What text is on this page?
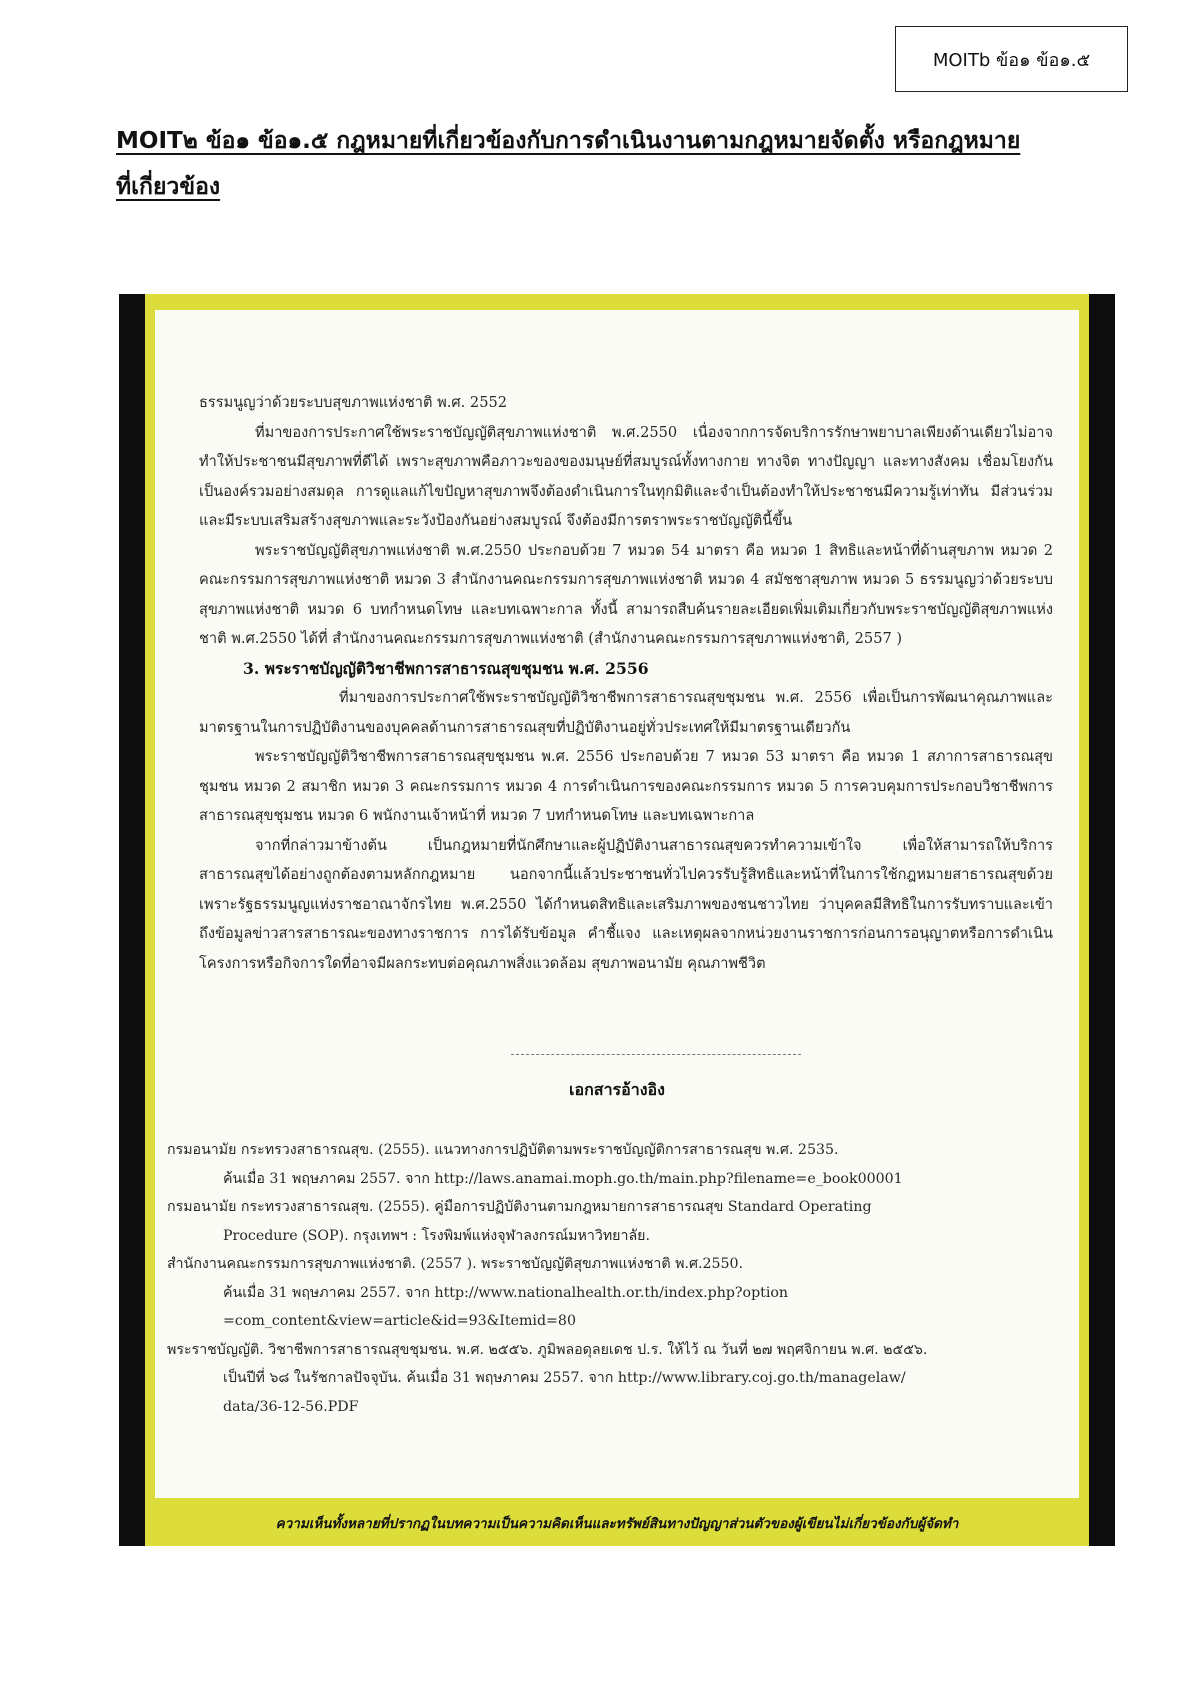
MOITb ข้อ๑ ข้อ๑.๕
MOIT๒ ข้อ๑ ข้อ๑.๕ กฎหมายที่เกี่ยวข้องกับการดำเนินงานตามกฎหมายจัดตั้ง หรือกฎหมาย
ที่เกี่ยวข้อง

ธรรมนูญว่าด้วยระบบสุขภาพแห่งชาติ พ.ศ. 2552

ที่มาของการประกาศใช้พระราชบัญญัติสุขภาพแห่งชาติ พ.ศ.2550 เนื่องจากการจัดบริการรักษาพยาบาลเพียงด้านเดียวไม่อาจทำให้ประชาชนมีสุขภาพที่ดีได้ เพราะสุขภาพคือภาวะของของมนุษย์ที่สมบูรณ์ทั้งทางกาย ทางจิต ทางปัญญา และทางสังคม เชื่อมโยงกันเป็นองค์รวมอย่างสมดุล การดูแลแก้ไขปัญหาสุขภาพจึงต้องดำเนินการในทุกมิติและจำเป็นต้องทำให้ประชาชนมีความรู้เท่าทัน มีส่วนร่วม และมีระบบเสริมสร้างสุขภาพและระวังป้องกันอย่างสมบูรณ์ จึงต้องมีการตราพระราชบัญญัตินี้ขึ้น

พระราชบัญญัติสุขภาพแห่งชาติ พ.ศ.2550 ประกอบด้วย 7 หมวด 54 มาตรา คือ หมวด 1 สิทธิและหน้าที่ด้านสุขภาพ หมวด 2 คณะกรรมการสุขภาพแห่งชาติ หมวด 3 สำนักงานคณะกรรมการสุขภาพแห่งชาติ หมวด 4 สมัชชาสุขภาพ หมวด 5 ธรรมนูญว่าด้วยระบบสุขภาพแห่งชาติ หมวด 6 บทกำหนดโทษ และบทเฉพาะกาล ทั้งนี้ สามารถสืบค้นรายละเอียดเพิ่มเติมเกี่ยวกับพระราชบัญญัติสุขภาพแห่งชาติ พ.ศ.2550 ได้ที่ สำนักงานคณะกรรมการสุขภาพแห่งชาติ (สำนักงานคณะกรรมการสุขภาพแห่งชาติ, 2557 )

3. พระราชบัญญัติวิชาชีพการสาธารณสุขชุมชน พ.ศ. 2556

ที่มาของการประกาศใช้พระราชบัญญัติวิชาชีพการสาธารณสุขชุมชน พ.ศ. 2556 เพื่อเป็นการพัฒนาคุณภาพและมาตรฐานในการปฏิบัติงานของบุคคลด้านการสาธารณสุขที่ปฏิบัติงานอยู่ทั่วประเทศให้มีมาตรฐานเดียวกัน

พระราชบัญญัติวิชาชีพการสาธารณสุขชุมชน พ.ศ. 2556 ประกอบด้วย 7 หมวด 53 มาตรา คือ หมวด 1 สภาการสาธารณสุขชุมชน หมวด 2 สมาชิก หมวด 3 คณะกรรมการ หมวด 4 การดำเนินการของคณะกรรมการ หมวด 5 การควบคุมการประกอบวิชาชีพการสาธารณสุขชุมชน หมวด 6 พนักงานเจ้าหน้าที่ หมวด 7 บทกำหนดโทษ และบทเฉพาะกาล

จากที่กล่าวมาข้างต้น เป็นกฎหมายที่นักศึกษาและผู้ปฏิบัติงานสาธารณสุขควรทำความเข้าใจ เพื่อให้สามารถให้บริการสาธารณสุขได้อย่างถูกต้องตามหลักกฎหมาย นอกจากนี้แล้วประชาชนทั่วไปควรรับรู้สิทธิและหน้าที่ในการใช้กฎหมายสาธารณสุขด้วย เพราะรัฐธรรมนูญแห่งราชอาณาจักรไทย พ.ศ.2550 ได้กำหนดสิทธิและเสริมภาพของชนชาวไทย ว่าบุคคลมีสิทธิในการรับทราบและเข้าถึงข้อมูลข่าวสารสาธารณะของทางราชการ การได้รับข้อมูล คำชี้แจง และเหตุผลจากหน่วยงานราชการก่อนการอนุญาตหรือการดำเนินโครงการหรือกิจการใดที่อาจมีผลกระทบต่อคุณภาพสิ่งแวดล้อม สุขภาพอนามัย คุณภาพชีวิต

เอกสารอ้างอิง

กรมอนามัย กระทรวงสาธารณสุข. (2555). แนวทางการปฏิบัติตามพระราชบัญญัติการสาธารณสุข พ.ศ. 2535.

ค้นเมื่อ 31 พฤษภาคม 2557. จาก http://laws.anamai.moph.go.th/main.php?filename=e_book00001

กรมอนามัย กระทรวงสาธารณสุข. (2555). คู่มือการปฏิบัติงานตามกฎหมายการสาธารณสุข Standard Operating

Procedure (SOP). กรุงเทพฯ : โรงพิมพ์แห่งจุฬาลงกรณ์มหาวิทยาลัย.

สำนักงานคณะกรรมการสุขภาพแห่งชาติ. (2557 ). พระราชบัญญัติสุขภาพแห่งชาติ พ.ศ.2550.

ค้นเมื่อ 31 พฤษภาคม 2557. จาก http://www.nationalhealth.or.th/index.php?option

=com_content&view=article&id=93&Itemid=80

พระราชบัญญัติ. วิชาชีพการสาธารณสุขชุมชน. พ.ศ. ๒๕๕๖. ภูมิพลอดุลยเดช ป.ร. ให้ไว้ ณ วันที่ ๒๗ พฤศจิกายน พ.ศ. ๒๕๕๖.

เป็นปีที่ ๖๘ ในรัชกาลปัจจุบัน. ค้นเมื่อ 31 พฤษภาคม 2557. จาก http://www.library.coj.go.th/managelaw/

data/36-12-56.PDF

ความเห็นทั้งหลายที่ปรากฏในบทความเป็นความคิดเห็นและทรัพย์สินทางปัญญาส่วนตัวของผู้เขียนไม่เกี่ยวข้องกับผู้จัดทำ
